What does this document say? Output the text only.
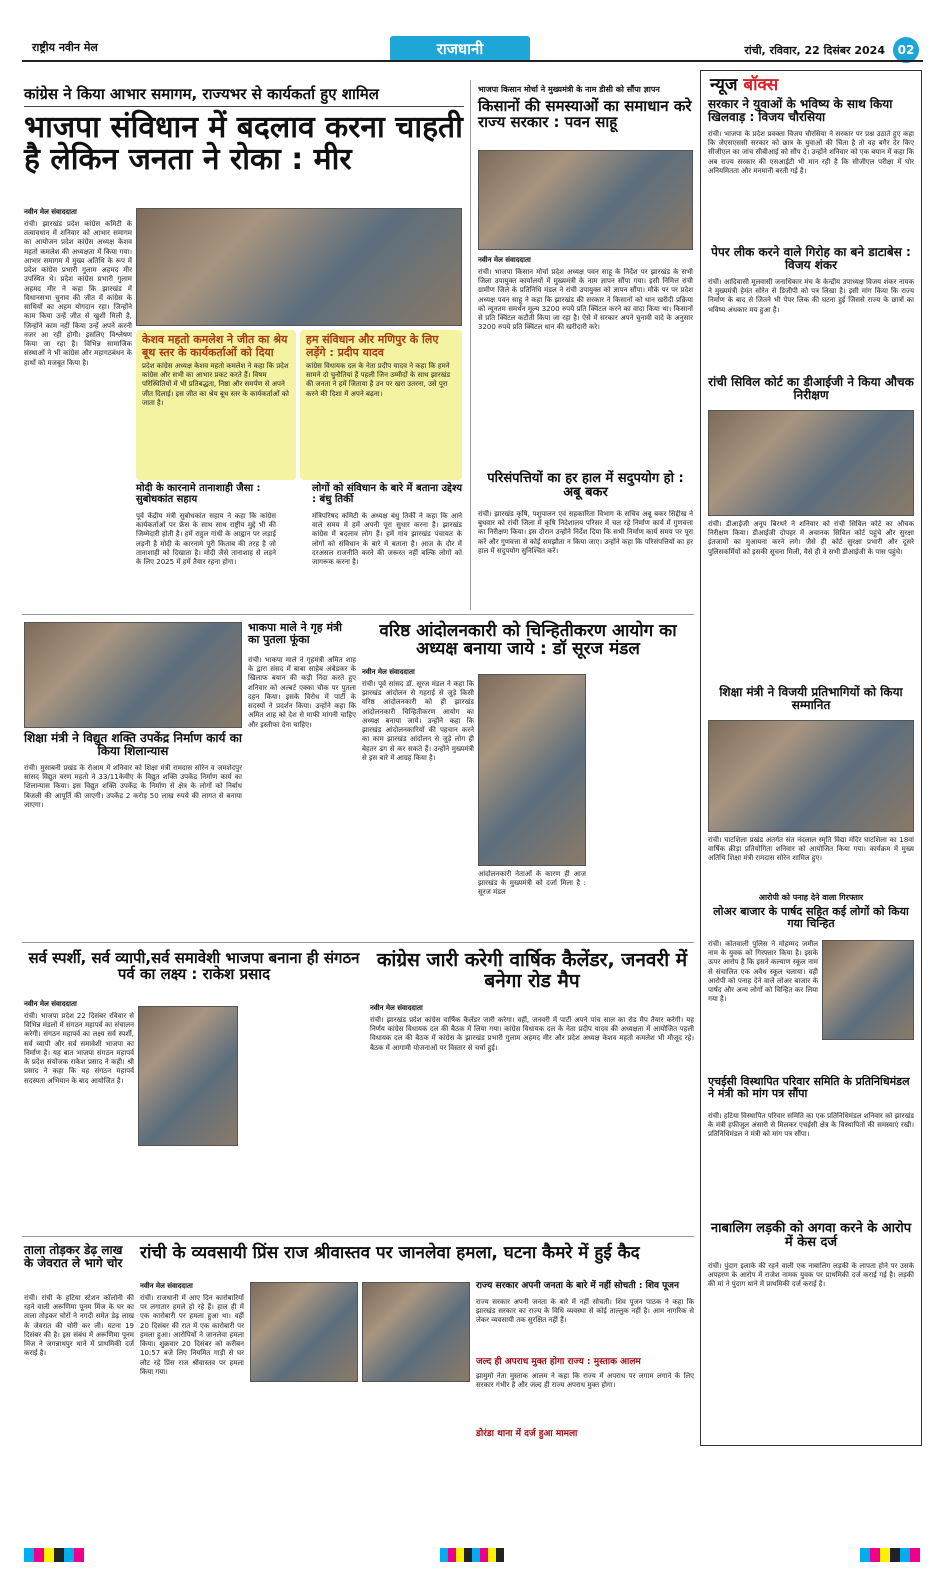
राष्ट्रीय नवीन मेल	राजधानी	रांची, रविवार, 22 दिसंबर 2024	02
कांग्रेस ने किया आभार समागम, राज्यभर से कार्यकर्ता हुए शामिल
भाजपा संविधान में बदलाव करना चाहती है लेकिन जनता ने रोका : मीर
नवीन मेल संवाददाता
रांची। झारखंड प्रदेश कांग्रेस कमिटी के तत्वावधान में शनिवार को आभार समागम का आयोजन प्रदेश कांग्रेस अध्यक्ष केशव महतो कमलेश की अध्यक्षता में किया गया। आभार समागम में मुख्य अतिथि के रूप में प्रदेश कांग्रेस प्रभारी गुलाम अहमद मीर उपस्थित थे। प्रदेश कांग्रेस प्रभारी गुलाम अहमद मीर ने कहा कि झारखंड में विधानसभा चुनाव की जीत में कांग्रेस के साथियों का अहम योगदान रहा। जिन्होंने काम किया उन्हें जीत से खुशी मिली है, जिन्होंने काम नहीं किया उन्हें अपने करनी नजर आ रही होगी। इसलिए विश्लेषण किया जा रहा है। विभिन्न सामाजिक संस्थाओं ने भी कांग्रेस और महागठबंधन के हाथों को मजबूत किया है।
केशव महतो कमलेश ने जीत का श्रेय बूथ स्तर के कार्यकर्ताओं को दिया
प्रदेश कांग्रेस अध्यक्ष केशव महतो कमलेश ने कहा कि प्रदेश कांग्रेस और सभी का आभार प्रकट करते हैं। विषम परिस्थितियों में भी प्रतिबद्धता, निष्ठा और समर्पण से अपने जीत दिलाई। इस जीत का श्रेय बूथ स्तर के कार्यकर्ताओं को जाता है।
हम संविधान और मणिपुर के लिए लड़ेंगे : प्रदीप यादव
कांग्रेस विधायक दल के नेता प्रदीप यादव ने कहा कि हमने सामने दो चुनौतियां हैं पहली जिन उम्मीदों के साथ झारखंड की जनता ने हमें जिताया है उन पर खरा उतरना, उसे पूरा करने की दिशा में अपने बढ़ना।
मोदी के कारनामे तानाशाही जैसा : सुबोधकांत सहाय
पूर्व केंद्रीय मंत्री सुबोधकांत सहाय ने कहा कि कांग्रेस कार्यकर्ताओं पर फ्रेंस के साथ साथ राष्ट्रीय मुद्दे भी की जिम्मेदारी होती है। हमें राहुल गांधी के आह्वान पर लड़ाई लड़नी है मोदी के कारनामे पूरी किताब की तरह है जो तानाशाही को दिखाता है। मोदी जैसे तानाशाह से लड़ने के लिए 2025 में हमें तैयार रहना होगा।
लोगों को संविधान के बारे में बताना उद्देश्य : बंधु तिर्की
मंत्रिपरिषद कमिटी के अध्यक्ष बंधु तिर्की ने कहा कि आने वाले समय में हमें अपनी पूरा सुधार करना है। झारखंड कांग्रेस में बदलाव लोग हैं। हमें गांव झारखंड पंचायत के लोगों को संविधान के बारे में बताना है। आज के दौर में दरअसल राजनीति करने की जरूरत नहीं बल्कि लोगों को जागरूक करना है।
भाजपा किसान मोर्चा ने मुख्यमंत्री के नाम डीसी को सौंपा ज्ञापन
किसानों की समस्याओं का समाधान करे राज्य सरकार : पवन साहू
नवीन मेल संवाददाता
रांची। भाजपा किसान मोर्चा प्रदेश अध्यक्ष पवन साहू के निर्देश पर झारखंड के सभी जिला उपायुक्त कार्यालयों में मुख्यमंत्री के नाम ज्ञापन सौंपा गया। इसी निमित्त रांची ग्रामीण जिले के प्रतिनिधि मंडल ने रांची उपायुक्त को ज्ञापन सौंपा। मौके पर पर प्रदेश अध्यक्ष पवन साहू ने कहा कि झारखंड की सरकार ने किसानों को धान खरीदी प्रक्रिया को न्यूनतम समर्थन मूल्य 3200 रुपये प्रति क्विंटल करने का वादा किया था। किसानों से प्रति क्विंटल कटौती किया जा रहा है। ऐसे में सरकार अपने चुनावी वादे के अनुसार 3200 रुपये प्रति क्विंटल धान की खरीदारी करे।
परिसंपत्तियों का हर हाल में सदुपयोग हो : अबू बकर
रांची। झारखंड कृषि, पशुपालन एवं सहकारिता विभाग के सचिव अबू बकर सिद्दीख ने बुधवार को रांची जिला में कृषि निदेशालय परिसर में चल रहे निर्माण कार्य में गुणवत्ता का निरीक्षण किया। इस दौरान उन्होंने निर्देश दिया कि सभी निर्माण कार्य समय पर पूरा करें और गुणवत्ता से कोई समझौता न किया जाए। उन्होंने कहा कि परिसंपत्तियों का हर हाल में सदुपयोग सुनिश्चित करें।
शिक्षा मंत्री ने विद्युत शक्ति उपकेंद्र निर्माण कार्य का किया शिलान्यास
रांची। मुसाबनी प्रखंड के रोआम में शनिवार को शिक्षा मंत्री रामदास सोरेन व जमशेदपुर सांसद विद्युत वरण महतो ने 33/11केवीए के विद्युत शक्ति उपकेंद्र निर्माण कार्य का शिलान्यास किया। इस विद्युत शक्ति उपकेंद्र के निर्माण से क्षेत्र के लोगों को निर्बाध बिजली की आपूर्ति की जाएगी। उपकेंद्र 2 करोड़ 50 लाख रुपये की लागत से बनाया जाएगा।
भाकपा माले ने गृह मंत्री का पुतला फूंका
रांची। भाकपा माले ने गृहमंत्री अमित शाह के द्वारा संसद में बाबा साहेब अंबेडकर के खिलाफ बयान की कड़ी निंदा करते हुए शनिवार को अल्बर्ट एक्का चौक पर पुतला दहन किया। इसके विरोध में पार्टी के सदस्यों ने प्रदर्शन किया। उन्होंने कहा कि अमित शाह को देश से माफी मांगनी चाहिए और इस्तीफा देना चाहिए।
वरिष्ठ आंदोलनकारी को चिन्हितीकरण आयोग का अध्यक्ष बनाया जाये : डॉ सूरज मंडल
नवीन मेल संवाददाता
रांची। पूर्व सांसद डॉ. सूरज मंडल ने कहा कि झारखंड आंदोलन से गहराई से जुड़े किसी वरिष्ठ आंदोलनकारी को ही झारखंड आंदोलनकारी चिन्हितीकरण आयोग का अध्यक्ष बनाया जाये। उन्होंने कहा कि झारखंड आंदोलनकारियों की पहचान करने का काम झारखंड आंदोलन से जुड़े लोग ही बेहतर ढंग से कर सकते हैं। उन्होंने मुख्यमंत्री से इस बारे में आग्रह किया है।
आंदोलनकारी नेताओं के कारण ही आज झारखंड के मुख्यमंत्री को दर्जा मिला है : सूरज मंडल
सर्व स्पर्शी, सर्व व्यापी,सर्व समावेशी भाजपा बनाना ही संगठन पर्व का लक्ष्य : राकेश प्रसाद
नवीन मेल संवाददाता
रांची। भाजपा प्रदेश 22 दिसंबर रविवार से विभिन्न मंडलों में संगठन महापर्व का संचालन करेगी। संगठन महापर्व का लक्ष्य सर्व स्पर्शी, सर्व व्यापी और सर्व समावेशी भाजपा का निर्माण है। यह बात भाजपा संगठन महापर्व के प्रदेश संयोजक राकेश प्रसाद ने कही। श्री प्रसाद ने कहा कि यह संगठन महापर्व सदस्यता अभियान के बाद आयोजित है।
कांग्रेस जारी करेगी वार्षिक कैलेंडर, जनवरी में बनेगा रोड मैप
नवीन मेल संवाददाता
रांची। झारखंड प्रदेश कांग्रेस वार्षिक कैलेंडर जारी करेगा। वहीं, जनवरी में पार्टी अपने पांच साल का रोड मैप तैयार करेगी। यह निर्णय कांग्रेस विधायक दल की बैठक में लिया गया। कांग्रेस विधायक दल के नेता प्रदीप यादव की अध्यक्षता में आयोजित पहली विधायक दल की बैठक में कांग्रेस के झारखंड प्रभारी गुलाम अहमद मीर और प्रदेश अध्यक्ष केशव महतो कमलेश भी मौजूद रहे। बैठक में आगामी योजनाओं पर विस्तार से चर्चा हुई।
ताला तोड़कर डेढ़ लाख के जेवरात ले भागे चोर
रांची। रांची के हटिया स्टेशन कॉलोनी की रहने वाली अरूणिमा पूनम मिंज के घर का ताला तोड़कर चोरों ने नगदी समेत डेढ़ लाख के जेवरात की चोरी कर ली। घटना 19 दिसंबर की है। इस संबंध में अरूणिमा पूनम मिंज ने जगन्नाथपुर थाने में प्राथमिकी दर्ज कराई है।
रांची के व्यवसायी प्रिंस राज श्रीवास्तव पर जानलेवा हमला, घटना कैमरे में हुई कैद
नवीन मेल संवाददाता
रांची। राजधानी में आए दिन कारोबारियों पर लगातार हमले हो रहे हैं। हाल ही में एक कारोबारी पर हमला हुआ था। वहीं 20 दिसंबर की रात में एक कारोबारी पर हमला हुआ। आरोपियों ने जानलेवा हमला किया। शुक्रवार 20 दिसंबर को करीबन 10:57 बजे लिए नियमित गाड़ी से घर लौट रहे प्रिंस राज श्रीवास्तव पर हमला किया गया।
राज्य सरकार अपनी जनता के बारे में नहीं सोचती : शिव पूजन
राज्य सरकार अपनी जनता के बारे में नहीं सोचती। शिव पूजन पाठक ने कहा कि झारखंड सरकार का राज्य के विधि व्यवस्था से कोई ताल्लुक नहीं है। आम नागरिक से लेकर व्यवसायी तक सुरक्षित नहीं हैं।
जल्द ही अपराध मुक्त होगा राज्य : मुस्ताक आलम
झामुमो नेता मुस्ताक आलम ने कहा कि राज्य में अपराध पर लगाम लगाने के लिए सरकार गंभीर है और जल्द ही राज्य अपराध मुक्त होगा।
डोरंडा थाना में दर्ज हुआ मामला
न्यूज बॉक्स
सरकार ने युवाओं के भविष्य के साथ किया खिलवाड़ : विजय चौरसिया
रांची। भाजपा के प्रदेश प्रवक्ता विजय चौरसिया ने सरकार पर प्रश्न उठाते हुए कहा कि जेएसएससी सरकार को छात्र के युवाओं की चिंता है तो वह बगैर देर किए सीजीएल का जांच सीबीआई को सौंप दे। उन्होंने शनिवार को एक बयान में कहा कि अब राज्य सरकार की एसआईटी भी मान रही है कि सीजीएल परीक्षा में घोर अनियमितता और मनमानी बरती गई है।
पेपर लीक करने वाले गिरोह का बने डाटाबेस : विजय शंकर
रांची। आदिवासी मूलवासी जनाधिकार मंच के केन्द्रीय उपाध्यक्ष विजय शंकर नायक ने मुख्यमंत्री हेमंत सोरेन से डिजीपी को पत्र लिखा है। इसी मांग किया कि राज्य निर्माण के बाद से जितने भी पेपर लिक की घटना हुई जिससे राज्य के छात्रों का भविष्य अंधकार मय हुआ है।
रांची सिविल कोर्ट का डीआईजी ने किया औचक निरीक्षण
रांची। डीआईजी अनूप बिरथरे ने शनिवार को रांची सिविल कोर्ट का औचक निरीक्षण किया। डीआईजी दोपहर में अचानक सिविल कोर्ट पहुंचे और सुरक्षा इंतजामों का मुआयना करने लगे। जैसे ही कोर्ट सुरक्षा प्रभारी और दूसरे पुलिसकर्मियों को इसकी सूचना मिली, वैसे ही वे सभी डीआईजी के पास पहुंचे।
शिक्षा मंत्री ने विजयी प्रतिभागियों को किया सम्मानित
रांची। घाटशिला प्रखंड अंतर्गत संत नंदलाल स्मृति विद्या मंदिर घाटशिला का 18वां वार्षिक क्रीड़ा प्रतियोगिता शनिवार को आयोजित किया गया। कार्यक्रम में मुख्य अतिथि शिक्षा मंत्री रामदास सोरेन शामिल हुए।
आरोपी को पनाह देने वाला गिरफ्तार
लोअर बाजार के पार्षद सहित कई लोगों को किया गया चिन्हित
रांची। कोतवाली पुलिस ने मोहम्मद जमील नाम के युवक को गिरफ्तार किया है। इसके ऊपर आरोप है कि इसने कल्याण स्कूल नाम से संचालित एक अवैध स्कूल चलाया। वही आरोपी को पनाह देने वाले लोअर बाजार के पार्षद और अन्य लोगों को चिन्हित कर लिया गया है।
एचईसी विस्थापित परिवार समिति के प्रतिनिधिमंडल ने मंत्री को मांग पत्र सौंपा
रांची। हटिया विस्थापित परिवार समिति का एक प्रतिनिधिमंडल शनिवार को झारखंड के मंत्री हफीजुल अंसारी से मिलकर एचईसी क्षेत्र के विस्थापितों की समस्याएं रखी। प्रतिनिधिमंडल ने मंत्री को मांग पत्र सौंपा।
नाबालिग लड़की को अगवा करने के आरोप में केस दर्ज
रांची। पुंदाग इलाके की रहने वाली एक नाबालिग लड़की के लापता होने पर उसके अपहरण के आरोप में राजेश नामक युवक पर प्राथमिकी दर्ज कराई गई है। लड़की की मां ने पुंदाग थाने में प्राथमिकी दर्ज कराई है।
